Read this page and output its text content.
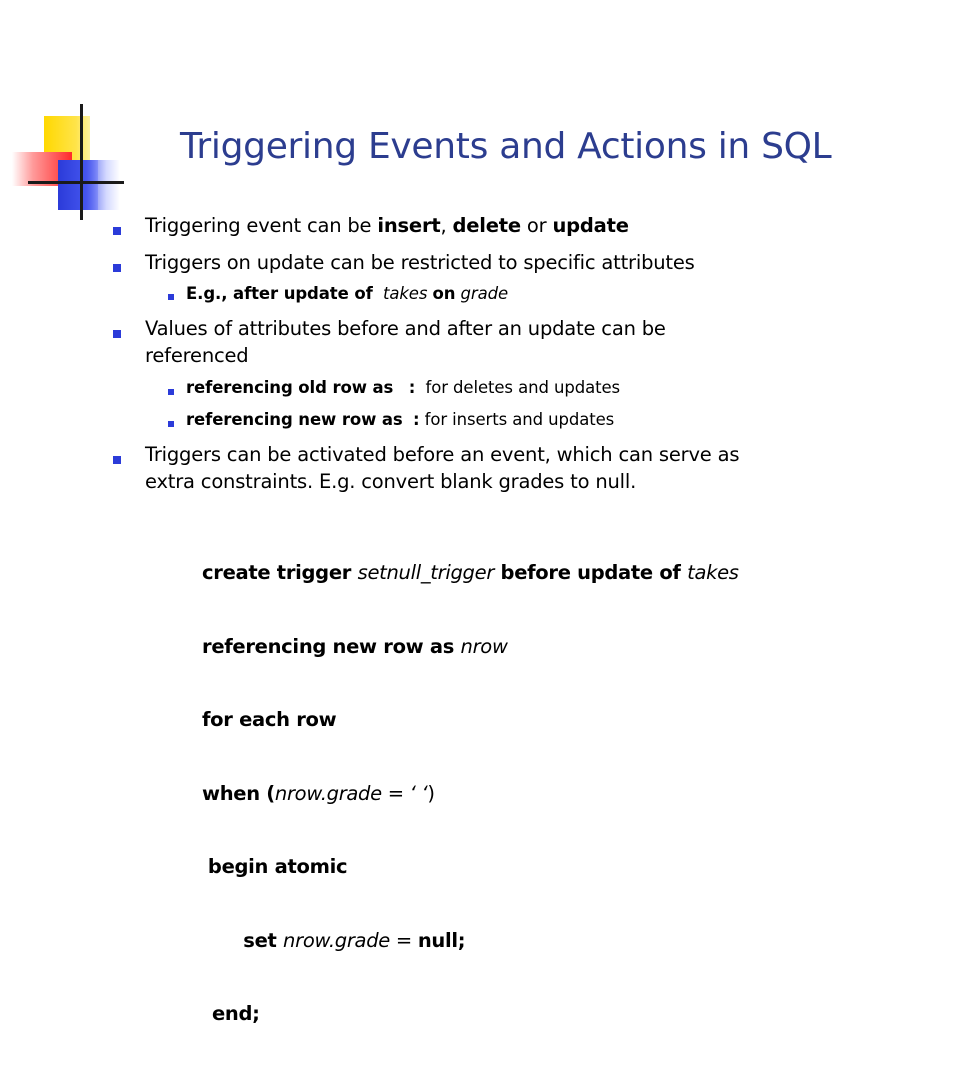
Triggering Events and Actions in SQL
Triggering event can be insert, delete or update
Triggers on update can be restricted to specific attributes
E.g., after update of takes on grade
Values of attributes before and after an update can be
referenced
referencing old row as : for deletes and updates
referencing new row as : for inserts and updates
Triggers can be activated before an event, which can serve as
extra constraints. E.g. convert blank grades to null.

create trigger setnull_trigger before update of takes

referencing new row as nrow

for each row

when (nrow.grade = ‘ ‘)

begin atomic

set nrow.grade = null;

end;
